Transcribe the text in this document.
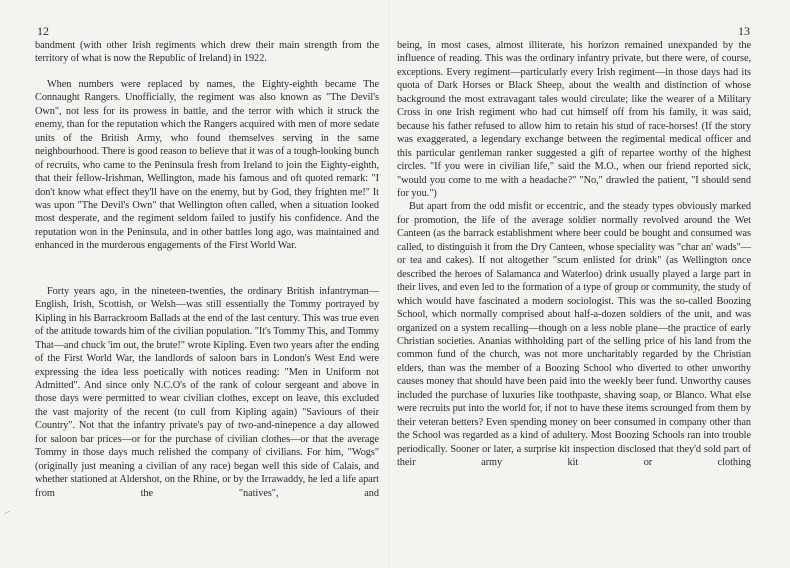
12	13

bandment (with other Irish regiments which drew their main strength from the territory of what is now the Republic of Ireland) in 1922.

When numbers were replaced by names, the Eighty-eighth became The Connaught Rangers. Unofficially, the regiment was also known as "The Devil's Own", not less for its prowess in battle, and the terror with which it struck the enemy, than for the reputation which the Rangers acquired with men of more sedate units of the British Army, who found themselves serving in the same neighbourhood. There is good reason to believe that it was of a tough-looking bunch of recruits, who came to the Peninsula fresh from Ireland to join the Eighty-eighth, that their fellow-Irishman, Wellington, made his famous and oft quoted remark: "I don't know what effect they'll have on the enemy, but by God, they frighten me!" It was upon "The Devil's Own" that Wellington often called, when a situation looked most desperate, and the regiment seldom failed to justify his confidence. And the reputation won in the Peninsula, and in other battles long ago, was maintained and enhanced in the murderous engagements of the First World War.

Forty years ago, in the nineteen-twenties, the ordinary British infantryman—English, Irish, Scottish, or Welsh—was still essentially the Tommy portrayed by Kipling in his Barrackroom Ballads at the end of the last century. This was true even of the attitude towards him of the civilian population. "It's Tommy This, and Tommy That—and chuck 'im out, the brute!" wrote Kipling. Even two years after the ending of the First World War, the landlords of saloon bars in London's West End were expressing the idea less poetically with notices reading: "Men in Uniform not Admitted". And since only N.C.O's of the rank of colour sergeant and above in those days were permitted to wear civilian clothes, except on leave, this excluded the vast majority of the recent (to cull from Kipling again) "Saviours of their Country". Not that the infantry private's pay of two-and-ninepence a day allowed for saloon bar prices—or for the purchase of civilian clothes—or that the average Tommy in those days much relished the company of civilians. For him, "Wogs" (originally just meaning a civilian of any race) began well this side of Calais, and whether stationed at Aldershot, on the Rhine, or by the Irrawaddy, he led a life apart from the "natives", and

being, in most cases, almost illiterate, his horizon remained unexpanded by the influence of reading. This was the ordinary infantry private, but there were, of course, exceptions. Every regiment—particularly every Irish regiment—in those days had its quota of Dark Horses or Black Sheep, about the wealth and distinction of whose background the most extravagant tales would circulate; like the wearer of a Military Cross in one Irish regiment who had cut himself off from his family, it was said, because his father refused to allow him to retain his stud of race-horses! (If the story was exaggerated, a legendary exchange between the regimental medical officer and this particular gentleman ranker suggested a gift of repartee worthy of the highest circles. "If you were in civilian life," said the M.O., when our friend reported sick, "would you come to me with a headache?" "No," drawled the patient, "I should send for you.")

But apart from the odd misfit or eccentric, and the steady types obviously marked for promotion, the life of the average soldier normally revolved around the Wet Canteen (as the barrack establishment where beer could be bought and consumed was called, to distinguish it from the Dry Canteen, whose speciality was "char an' wads"—or tea and cakes). If not altogether "scum enlisted for drink" (as Wellington once described the heroes of Salamanca and Waterloo) drink usually played a large part in their lives, and even led to the formation of a type of group or community, the study of which would have fascinated a modern sociologist. This was the so-called Boozing School, which normally comprised about half-a-dozen soldiers of the unit, and was organized on a system recalling—though on a less noble plane—the practice of early Christian societies. Ananias withholding part of the selling price of his land from the common fund of the church, was not more uncharitably regarded by the Christian elders, than was the member of a Boozing School who diverted to other unworthy causes money that should have been paid into the weekly beer fund. Unworthy causes included the purchase of luxuries like toothpaste, shaving soap, or Blanco. What else were recruits put into the world for, if not to have these items scrounged from them by their veteran betters? Even spending money on beer consumed in company other than the School was regarded as a kind of adultery. Most Boozing Schools ran into trouble periodically. Sooner or later, a surprise kit inspection disclosed that they'd sold part of their army kit or clothing
